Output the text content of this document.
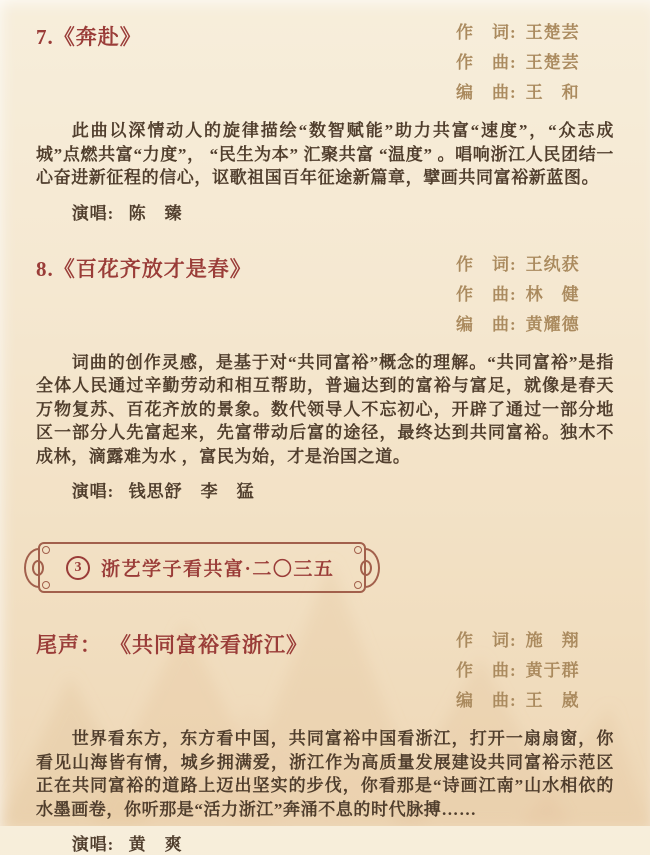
7.《奔赴》	作　词: 王楚芸
作　曲: 王楚芸
编　曲: 王　和

此曲以深情动人的旋律描绘“数智赋能”助力共富“速度”，“众志成城”点燃共富“力度”， “民生为本” 汇聚共富 “温度” 。唱响浙江人民团结一心奋进新征程的信心，讴歌祖国百年征途新篇章，擘画共同富裕新蓝图。

演唱: 陈　臻
8.《百花齐放才是春》	作　词: 王纨获
作　曲: 林　健
编　曲: 黄耀德

词曲的创作灵感，是基于对“共同富裕”概念的理解。“共同富裕”是指全体人民通过辛勤劳动和相互帮助，普遍达到的富裕与富足，就像是春天万物复苏、百花齐放的景象。数代领导人不忘初心，开辟了通过一部分地区一部分人先富起来，先富带动后富的途径，最终达到共同富裕。独木不成林，滴露难为水 ，富民为始，才是治国之道。

演唱: 钱思舒　李　猛
3	浙艺学子看共富·二〇三五
尾声： 《共同富裕看浙江》	作　词: 施　翔
作　曲: 黄于群
编　曲: 王　崴

世界看东方，东方看中国，共同富裕中国看浙江，打开一扇扇窗，你看见山海皆有情，城乡拥满爱，浙江作为高质量发展建设共同富裕示范区正在共同富裕的道路上迈出坚实的步伐，你看那是“诗画江南”山水相依的水墨画卷，你听那是“活力浙江”奔涌不息的时代脉搏……

演唱: 黄　爽
